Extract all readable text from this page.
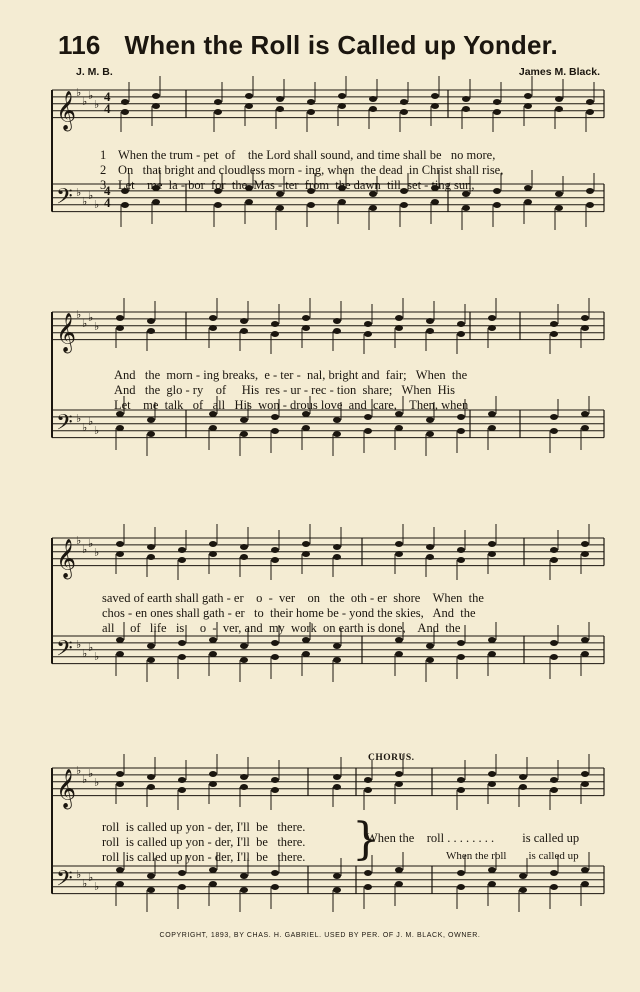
116 When the Roll is Called up Yonder.
J. M. B.	James M. Black.
𝄞
𝄢
♭
♭
♭
♭
♭
♭
♭
♭
4
4
4
4
𝄞
𝄢
♭
♭
♭
♭
♭
♭
♭
♭
𝄞
𝄢
♭
♭
♭
♭
♭
♭
♭
♭
𝄞
𝄢
♭
♭
♭
♭
♭
♭
♭
♭
1 When the trum - pet  of    the Lord shall sound, and time shall be   no more,
2 On   that bright and cloudless morn - ing, when  the dead  in Christ shall rise,
3 Let    me  la - bor  for  the  Mas - ter  from  the dawn  till  set - ting sun,
And   the  morn - ing breaks,  e - ter -  nal, bright and  fair;   When  the
And   the  glo - ry    of     His  res - ur - rec - tion  share;   When  His
Let    me  talk   of   all   His  won - drous love  and  care,    Then, when
saved of earth shall gath - er    o  -  ver    on   the  oth - er  shore    When  the
chos - en ones shall gath - er   to  their home be - yond the skies,   And  the
all     of   life   is     o  -  ver, and  my  work  on earth is done,    And  the
roll  is called up yon - der, I'll  be   there.
roll  is called up yon - der, I'll  be   there.
roll  is called up yon - der, I'll  be   there. }
CHORUS.
When the    roll . . . . . . . .         is called up
When the roll        is called up
COPYRIGHT, 1893, BY CHAS. H. GABRIEL. USED BY PER. OF J. M. BLACK, OWNER.
